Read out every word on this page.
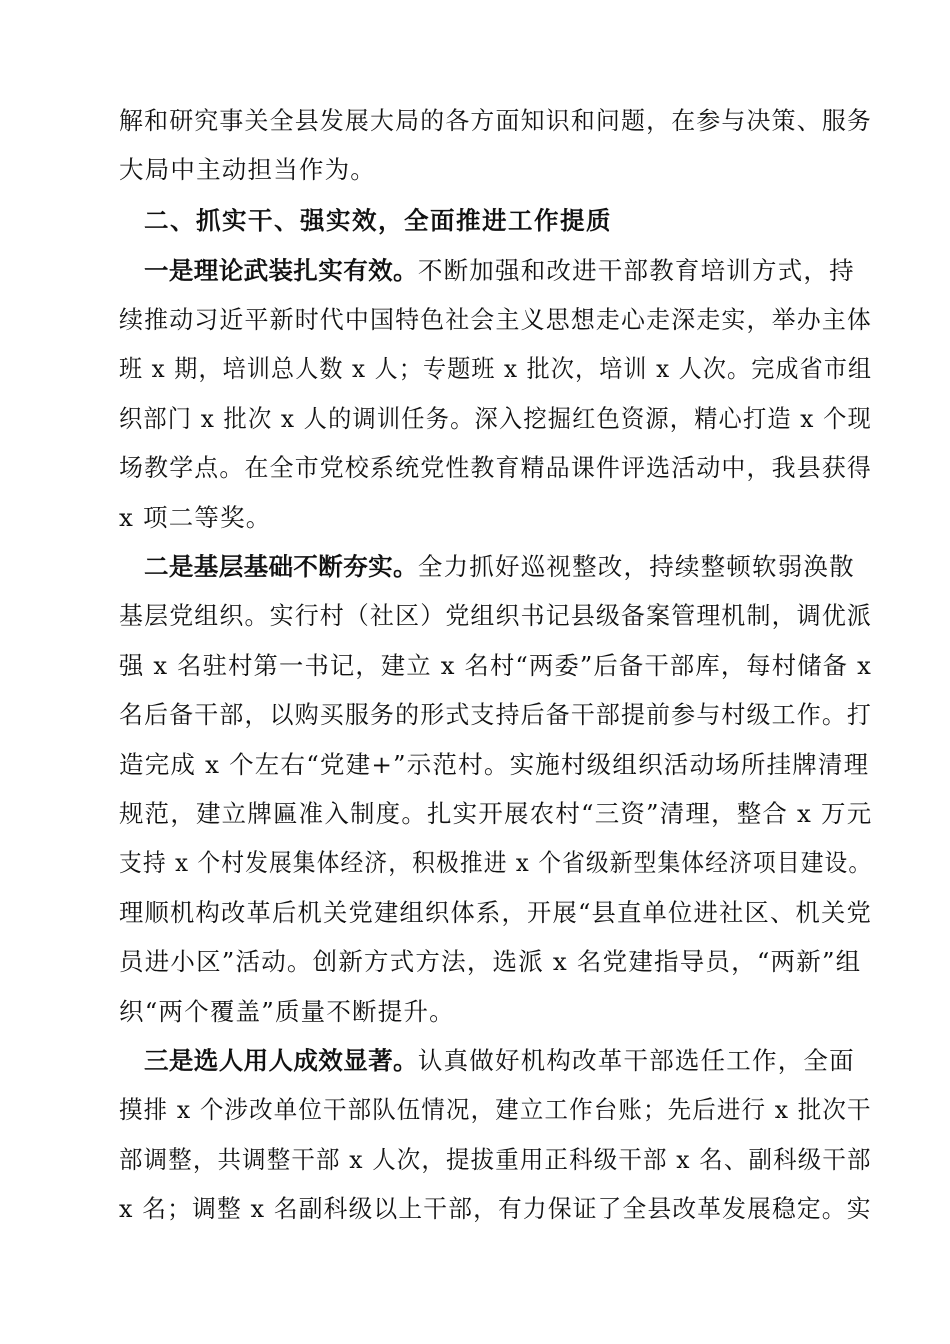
解和研究事关全县发展大局的各方面知识和问题，在参与决策、服务
大局中主动担当作为。
二、抓实干、强实效，全面推进工作提质
一是理论武装扎实有效。不断加强和改进干部教育培训方式，持
续推动习近平新时代中国特色社会主义思想走心走深走实，举办主体
班 x 期，培训总人数 x 人；专题班 x 批次，培训 x 人次。完成省市组
织部门 x 批次 x 人的调训任务。深入挖掘红色资源，精心打造 x 个现
场教学点。在全市党校系统党性教育精品课件评选活动中，我县获得
x 项二等奖。
二是基层基础不断夯实。全力抓好巡视整改，持续整顿软弱涣散
基层党组织。实行村（社区）党组织书记县级备案管理机制，调优派
强 x 名驻村第一书记，建立 x 名村“两委”后备干部库，每村储备 x
名后备干部，以购买服务的形式支持后备干部提前参与村级工作。打
造完成 x 个左右“党建+”示范村。实施村级组织活动场所挂牌清理
规范，建立牌匾准入制度。扎实开展农村“三资”清理，整合 x 万元
支持 x 个村发展集体经济，积极推进 x 个省级新型集体经济项目建设。
理顺机构改革后机关党建组织体系，开展“县直单位进社区、机关党
员进小区”活动。创新方式方法，选派 x 名党建指导员，“两新”组
织“两个覆盖”质量不断提升。
三是选人用人成效显著。认真做好机构改革干部选任工作，全面
摸排 x 个涉改单位干部队伍情况，建立工作台账；先后进行 x 批次干
部调整，共调整干部 x 人次，提拔重用正科级干部 x 名、副科级干部
x 名；调整 x 名副科级以上干部，有力保证了全县改革发展稳定。实
